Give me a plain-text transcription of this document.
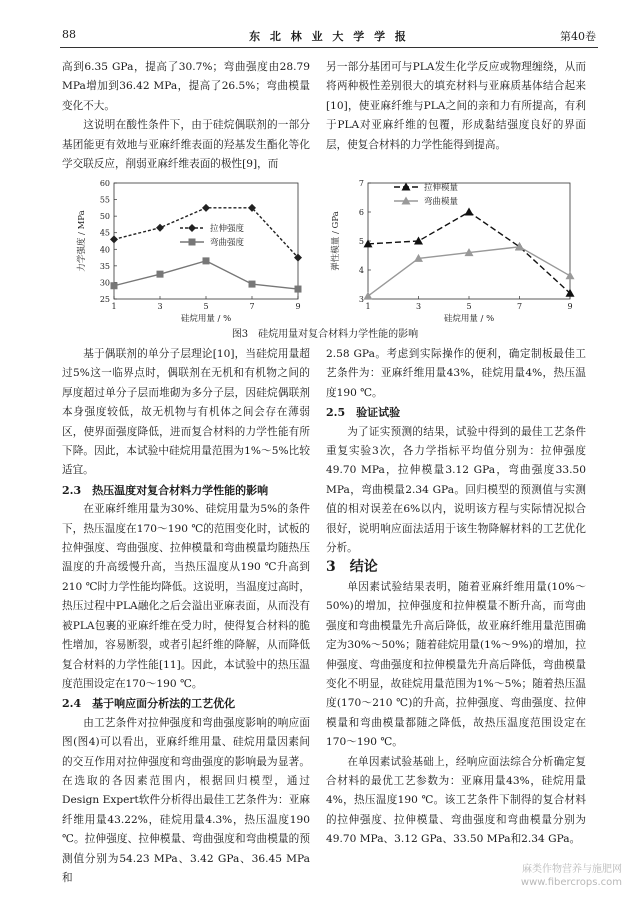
88	东 北 林 业 大 学 学 报	第40卷

高到6.35 GPa，提高了30.7%；弯曲强度由28.79 MPa增加到36.42 MPa，提高了26.5%；弯曲模量变化不大。

这说明在酸性条件下，由于硅烷偶联剂的一部分基团能更有效地与亚麻纤维表面的羟基发生酯化等化学交联反应，削弱亚麻纤维表面的极性[9]，而

另一部分基团可与PLA发生化学反应或物理缠绕，从而将两种极性差别很大的填充材料与亚麻质基体结合起来[10]，使亚麻纤维与PLA之间的亲和力有所提高，有利于PLA对亚麻纤维的包覆，形成黏结强度良好的界面层，使复合材料的力学性能得到提高。

25
30
35
40
45
50
55
60
1	3	5	7	9
硅烷用量 / %
力学强度 / MPa	拉伸强度
弯曲强度
3
4
5
6
7
1	3	5	7	9
硅烷用量 / %
弹性模量 / GPa
拉伸模量
弯曲模量
图3　硅烷用量对复合材料力学性能的影响

基于偶联剂的单分子层理论[10]，当硅烷用量超过5%这一临界点时，偶联剂在无机和有机物之间的厚度超过单分子层而堆砌为多分子层，因硅烷偶联剂本身强度较低，故无机物与有机体之间会存在薄弱区，使界面强度降低，进而复合材料的力学性能有所下降。因此，本试验中硅烷用量范围为1%～5%比较适宜。

2.3　热压温度对复合材料力学性能的影响

在亚麻纤维用量为30%、硅烷用量为5%的条件下，热压温度在170～190 ℃的范围变化时，试板的拉伸强度、弯曲强度、拉伸模量和弯曲模量均随热压温度的升高缓慢升高，当热压温度从190 ℃升高到210 ℃时力学性能均降低。这说明，当温度过高时，热压过程中PLA融化之后会溢出亚麻表面，从而没有被PLA包裹的亚麻纤维在受力时，使得复合材料的脆性增加，容易断裂，或者引起纤维的降解，从而降低复合材料的力学性能[11]。因此，本试验中的热压温度范围设定在170～190 ℃。

2.4　基于响应面分析法的工艺优化

由工艺条件对拉伸强度和弯曲强度影响的响应面图(图4)可以看出，亚麻纤维用量、硅烷用量因素间的交互作用对拉伸强度和弯曲强度的影响最为显著。在选取的各因素范围内，根据回归模型，通过Design Expert软件分析得出最佳工艺条件为：亚麻纤维用量43.22%，硅烷用量4.3%，热压温度190 ℃。拉伸强度、拉伸模量、弯曲强度和弯曲模量的预测值分别为54.23 MPa、3.42 GPa、36.45 MPa和

2.58 GPa。考虑到实际操作的便利，确定制板最佳工艺条件为：亚麻纤维用量43%，硅烷用量4%，热压温度190 ℃。

2.5　验证试验

为了证实预测的结果，试验中得到的最佳工艺条件重复实验3次，各力学指标平均值分别为：拉伸强度49.70 MPa，拉伸模量3.12 GPa，弯曲强度33.50 MPa，弯曲模量2.34 GPa。回归模型的预测值与实测值的相对误差在6%以内，说明该方程与实际情况拟合很好，说明响应面法适用于该生物降解材料的工艺优化分析。

3　结论

单因素试验结果表明，随着亚麻纤维用量(10%～50%)的增加，拉伸强度和拉伸模量不断升高，而弯曲强度和弯曲模量先升高后降低，故亚麻纤维用量范围确定为30%～50%；随着硅烷用量(1%～9%)的增加，拉伸强度、弯曲强度和拉伸模量先升高后降低，弯曲模量变化不明显，故硅烷用量范围为1%～5%；随着热压温度(170～210 ℃)的升高，拉伸强度、弯曲强度、拉伸模量和弯曲模量都随之降低，故热压温度范围设定在170～190 ℃。

在单因素试验基础上，经响应面法综合分析确定复合材料的最优工艺参数为：亚麻用量43%，硅烷用量4%，热压温度190 ℃。该工艺条件下制得的复合材料的拉伸强度、拉伸模量、弯曲强度和弯曲模量分别为49.70 MPa、3.12 GPa、33.50 MPa和2.34 GPa。

麻类作物营养与施肥网
www.fibercrops.com
